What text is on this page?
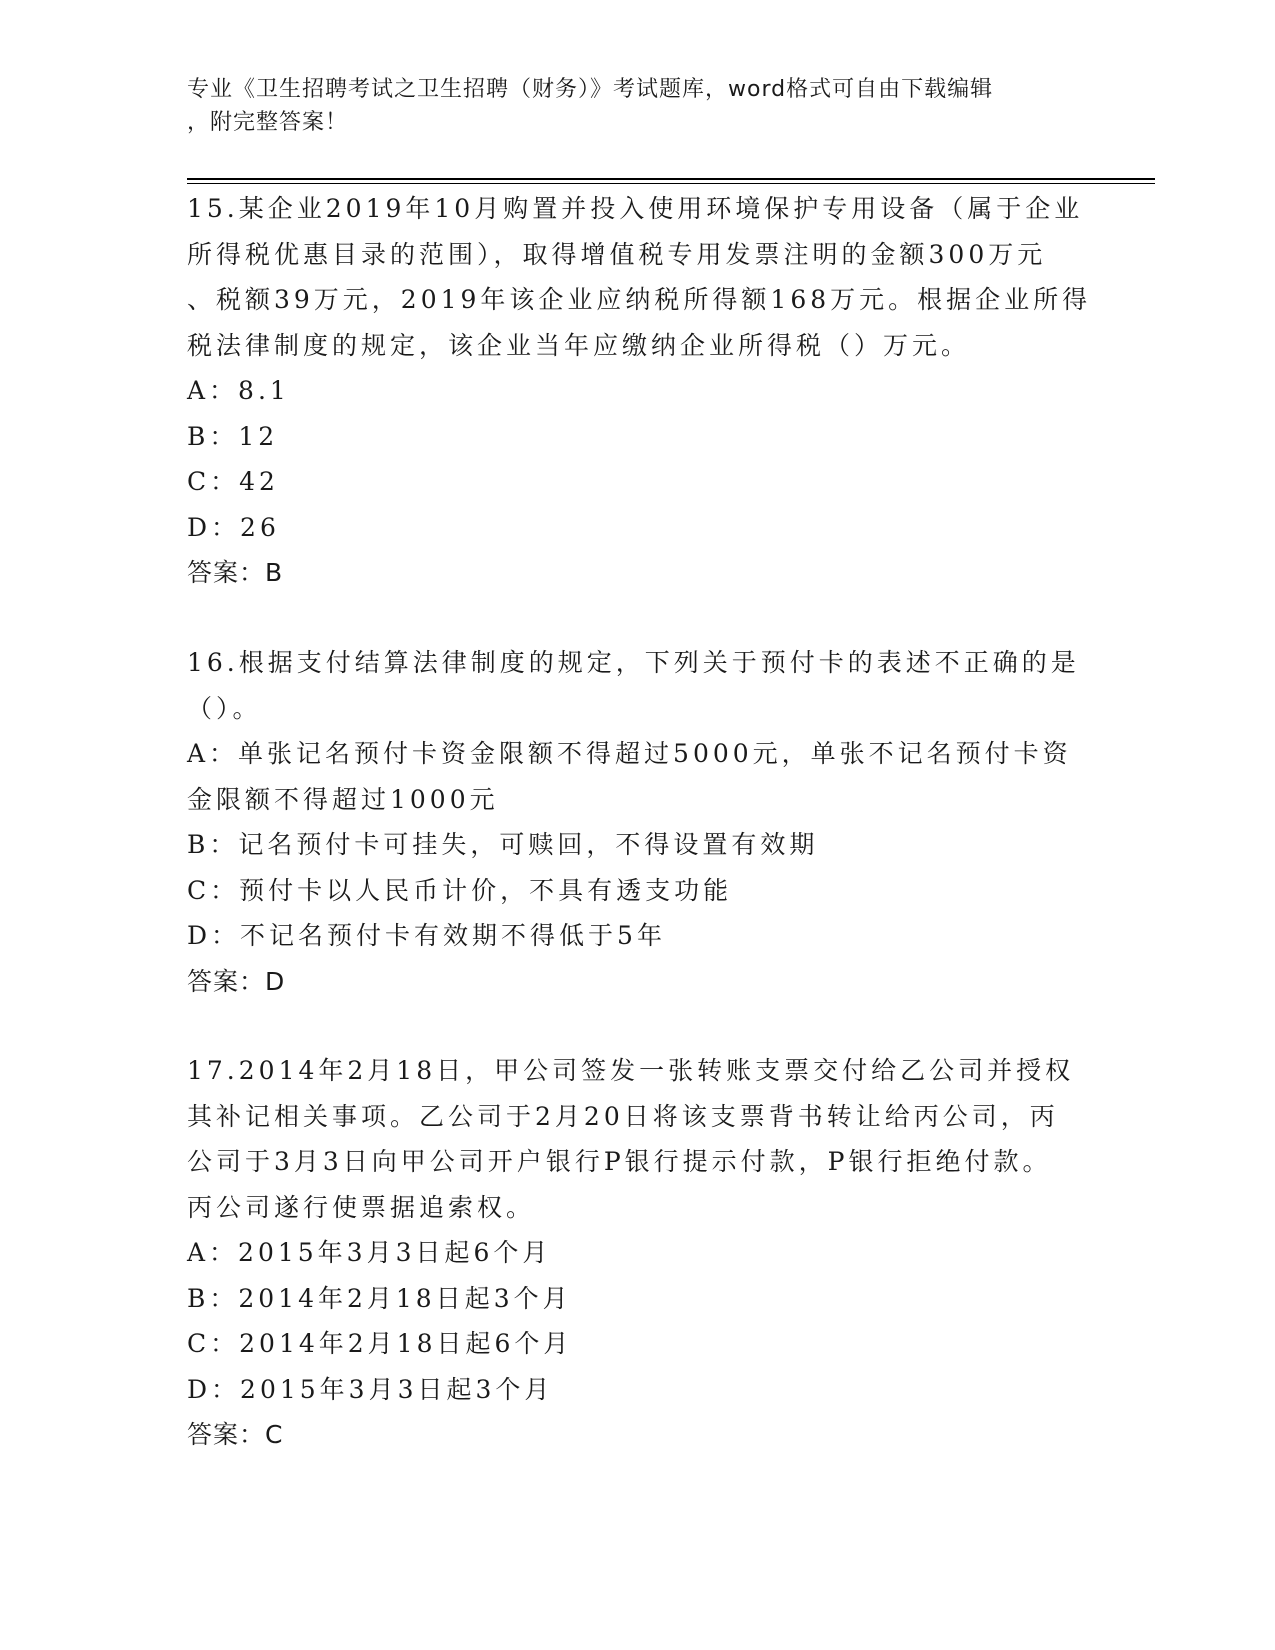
专业《卫生招聘考试之卫生招聘（财务）》考试题库，word格式可自由下载编辑
，附完整答案！

15.某企业2019年10月购置并投入使用环境保护专用设备（属于企业
所得税优惠目录的范围），取得增值税专用发票注明的金额300万元
、税额39万元，2019年该企业应纳税所得额168万元。根据企业所得
税法律制度的规定，该企业当年应缴纳企业所得税（）万元。

A：8.1
B：12
C：42
D：26
答案：B

16.根据支付结算法律制度的规定，下列关于预付卡的表述不正确的是
（）。

A：单张记名预付卡资金限额不得超过5000元，单张不记名预付卡资
金限额不得超过1000元
B：记名预付卡可挂失，可赎回，不得设置有效期
C：预付卡以人民币计价，不具有透支功能
D：不记名预付卡有效期不得低于5年
答案：D

17.2014年2月18日，甲公司签发一张转账支票交付给乙公司并授权
其补记相关事项。乙公司于2月20日将该支票背书转让给丙公司，丙
公司于3月3日向甲公司开户银行P银行提示付款，P银行拒绝付款。
丙公司遂行使票据追索权。

A：2015年3月3日起6个月
B：2014年2月18日起3个月
C：2014年2月18日起6个月
D：2015年3月3日起3个月
答案：C
